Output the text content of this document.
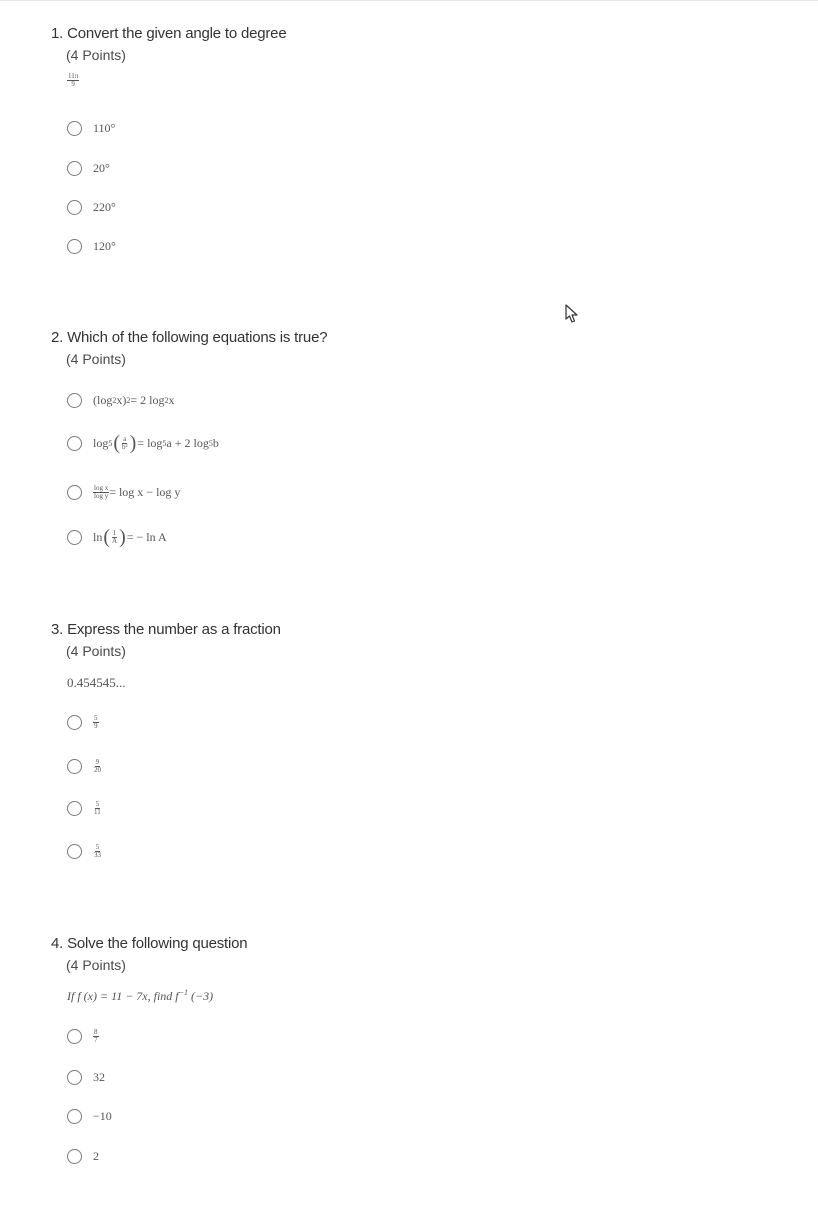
1. Convert the given angle to degree
(4 Points)
$\frac{11\pi}{9}$
110°
20°
220°
120°
2. Which of the following equations is true?
(4 Points)
(log 2 x) 2 = 2 log 2 x
log 5 ( $\frac{a}{\text{b²}}$ ) = log 5 a + 2 log 5 b
$\frac{\text{log x}}{\text{log y}} = \log x - \log y$
ln ( $\frac{1}{A}$ ) = − ln A
3. Express the number as a fraction
(4 Points)
0.454545...
$\frac{5}{9}$
$\frac{9}{20}$
$\frac{5}{11}$
$\frac{5}{33}$
4. Solve the following question
(4 Points)
If f (x) = 11 − 7x, find $f^{-1}$ (−3)
$\frac{8}{7}$
32
−10
2
